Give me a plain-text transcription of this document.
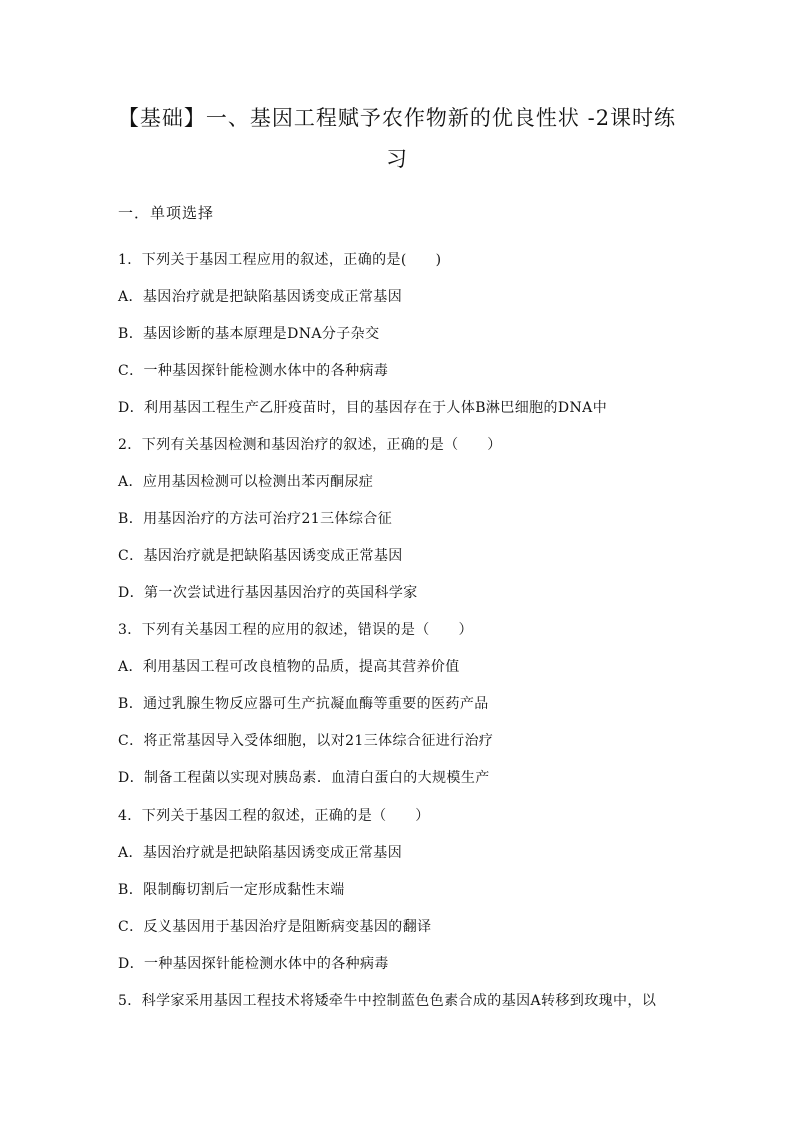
【基础】一、基因工程赋予农作物新的优良性状 -2课时练
习
一．单项选择
1．下列关于基因工程应用的叙述，正确的是(　　)
A．基因治疗就是把缺陷基因诱变成正常基因
B．基因诊断的基本原理是DNA分子杂交
C．一种基因探针能检测水体中的各种病毒
D．利用基因工程生产乙肝疫苗时，目的基因存在于人体B淋巴细胞的DNA中
2．下列有关基因检测和基因治疗的叙述，正确的是（　　）
A．应用基因检测可以检测出苯丙酮尿症
B．用基因治疗的方法可治疗21三体综合征
C．基因治疗就是把缺陷基因诱变成正常基因
D．第一次尝试进行基因基因治疗的英国科学家
3．下列有关基因工程的应用的叙述，错误的是（　　）
A．利用基因工程可改良植物的品质，提高其营养价值
B．通过乳腺生物反应器可生产抗凝血酶等重要的医药产品
C．将正常基因导入受体细胞，以对21三体综合征进行治疗
D．制备工程菌以实现对胰岛素．血清白蛋白的大规模生产
4．下列关于基因工程的叙述，正确的是（　　）
A．基因治疗就是把缺陷基因诱变成正常基因
B．限制酶切割后一定形成黏性末端
C．反义基因用于基因治疗是阻断病变基因的翻译
D．一种基因探针能检测水体中的各种病毒
5．科学家采用基因工程技术将矮牵牛中控制蓝色色素合成的基因A转移到玫瑰中，以
